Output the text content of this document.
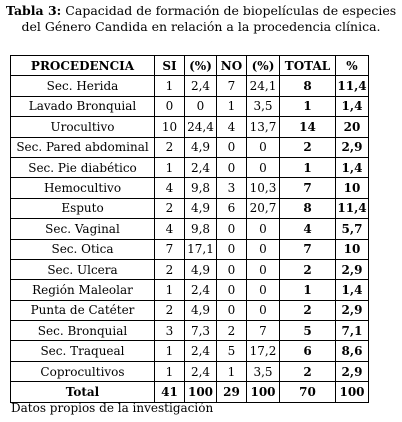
Tabla 3: Capacidad de formación de biopelículas de especies del Género Candida en relación a la procedencia clínica.
PROCEDENCIA	SI	(%)	NO	(%)	TOTAL	%
Sec. Herida	1	2,4	7	24,1	8	11,4
Lavado Bronquial	0	0	1	3,5	1	1,4
Urocultivo	10	24,4	4	13,7	14	20
Sec. Pared abdominal	2	4,9	0	0	2	2,9
Sec. Pie diabético	1	2,4	0	0	1	1,4
Hemocultivo	4	9,8	3	10,3	7	10
Esputo	2	4,9	6	20,7	8	11,4
Sec. Vaginal	4	9,8	0	0	4	5,7
Sec. Otica	7	17,1	0	0	7	10
Sec. Ulcera	2	4,9	0	0	2	2,9
Región Maleolar	1	2,4	0	0	1	1,4
Punta de Catéter	2	4,9	0	0	2	2,9
Sec. Bronquial	3	7,3	2	7	5	7,1
Sec. Traqueal	1	2,4	5	17,2	6	8,6
Coprocultivos	1	2,4	1	3,5	2	2,9
Total	41	100	29	100	70	100
Datos propios de la investigación
